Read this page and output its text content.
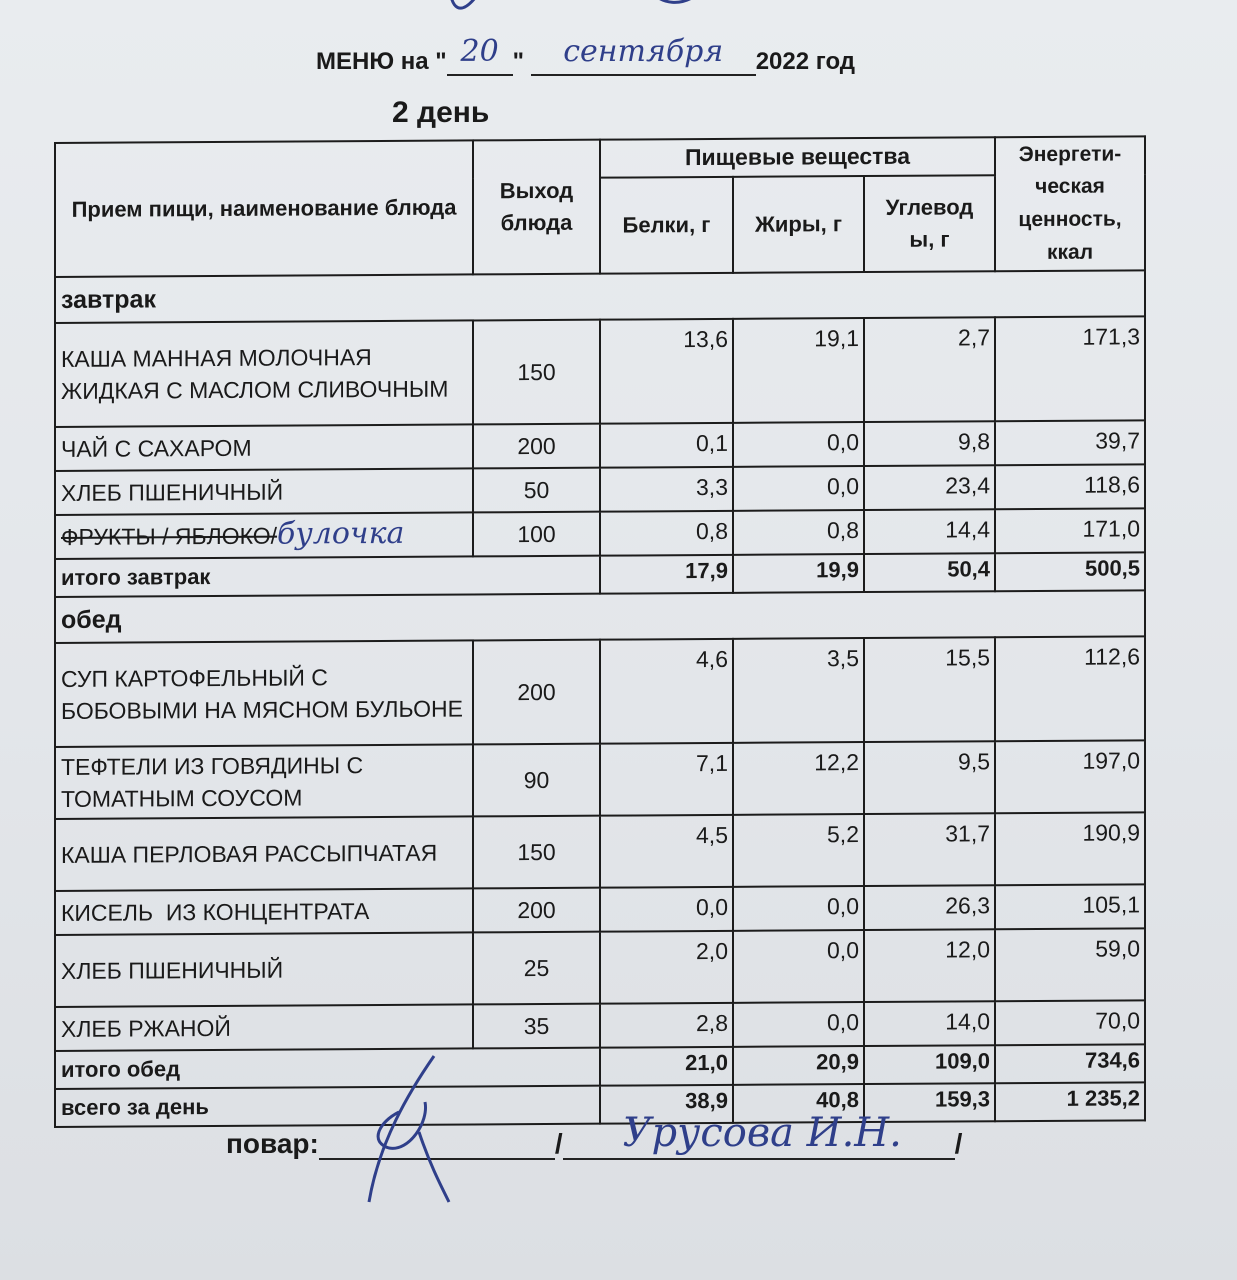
МЕНЮ на " 20 "	сентября	2022 год
2 день
Прием пищи, наименование блюда	Выход блюда	Пищевые вещества			Энергети- ческая ценность, ккал
		Белки, г	Жиры, г	Углевод ы, г	
завтрак					
КАША МАННАЯ МОЛОЧНАЯ ЖИДКАЯ С МАСЛОМ СЛИВОЧНЫМ	150	13,6	19,1	2,7	171,3
ЧАЙ С САХАРОМ	200	0,1	0,0	9,8	39,7
ХЛЕБ ПШЕНИЧНЫЙ	50	3,3	0,0	23,4	118,6
ФРУКТЫ / ЯБЛОКО/булочка	100	0,8	0,8	14,4	171,0
итого завтрак		17,9	19,9	50,4	500,5
обед					
СУП КАРТОФЕЛЬНЫЙ С БОБОВЫМИ НА МЯСНОМ БУЛЬОНЕ	200	4,6	3,5	15,5	112,6
ТЕФТЕЛИ ИЗ ГОВЯДИНЫ С ТОМАТНЫМ СОУСОМ	90	7,1	12,2	9,5	197,0
КАША ПЕРЛОВАЯ РАССЫПЧАТАЯ	150	4,5	5,2	31,7	190,9
КИСЕЛЬ  ИЗ КОНЦЕНТРАТА	200	0,0	0,0	26,3	105,1
ХЛЕБ ПШЕНИЧНЫЙ	25	2,0	0,0	12,0	59,0
ХЛЕБ РЖАНОЙ	35	2,8	0,0	14,0	70,0
итого обед		21,0	20,9	109,0	734,6
всего за день		38,9	40,8	159,3	1 235,2
повар:	/ Урусова И.Н. /
